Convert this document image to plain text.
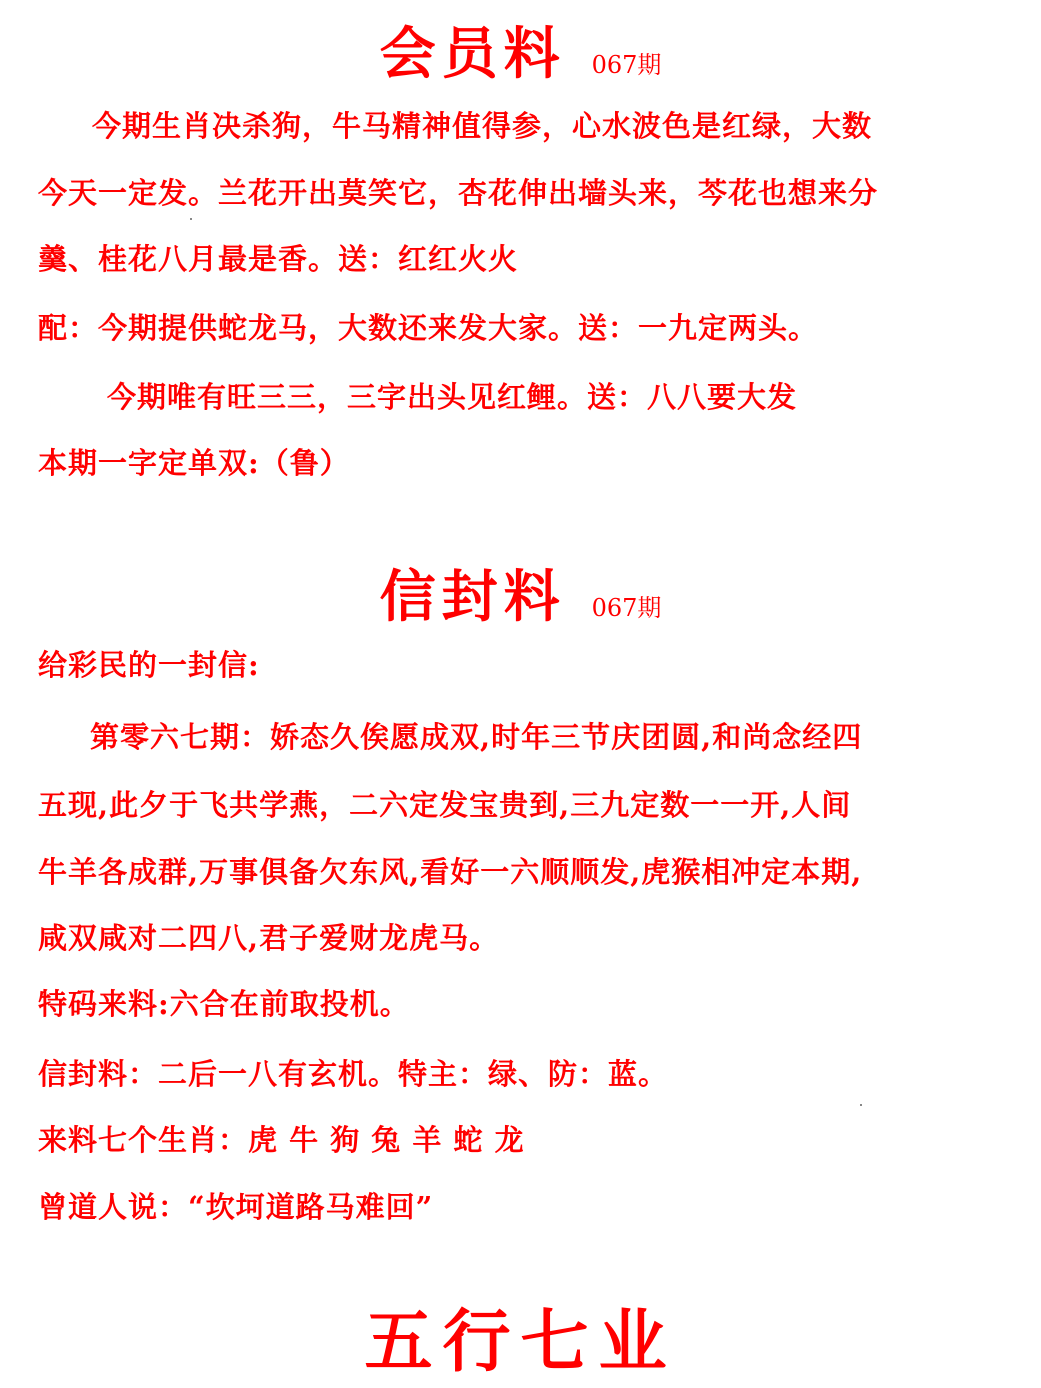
会员料 067期
今期生肖决杀狗，牛马精神值得参，心水波色是红绿，大数
今天一定发。兰花开出莫笑它，杏花伸出墙头来，芩花也想来分
羹、桂花八月最是香。送：红红火火
配：今期提供蛇龙马，大数还来发大家。送：一九定两头。
今期唯有旺三三，三字出头见红鲤。送：八八要大发
本期一字定单双:（鲁）
信封料 067期
给彩民的一封信:
第零六七期：娇态久俟愿成双,时年三节庆团圆,和尚念经四
五现,此夕于飞共学燕，二六定发宝贵到,三九定数一一开,人间
牛羊各成群,万事俱备欠东风,看好一六顺顺发,虎猴相冲定本期,
咸双咸对二四八,君子爱财龙虎马。
特码来料:六合在前取投机。
信封料：二后一八有玄机。特主：绿、防：蓝。
来料七个生肖：虎 牛 狗 兔 羊 蛇 龙
曾道人说：“坎坷道路马难回”
五行七业
